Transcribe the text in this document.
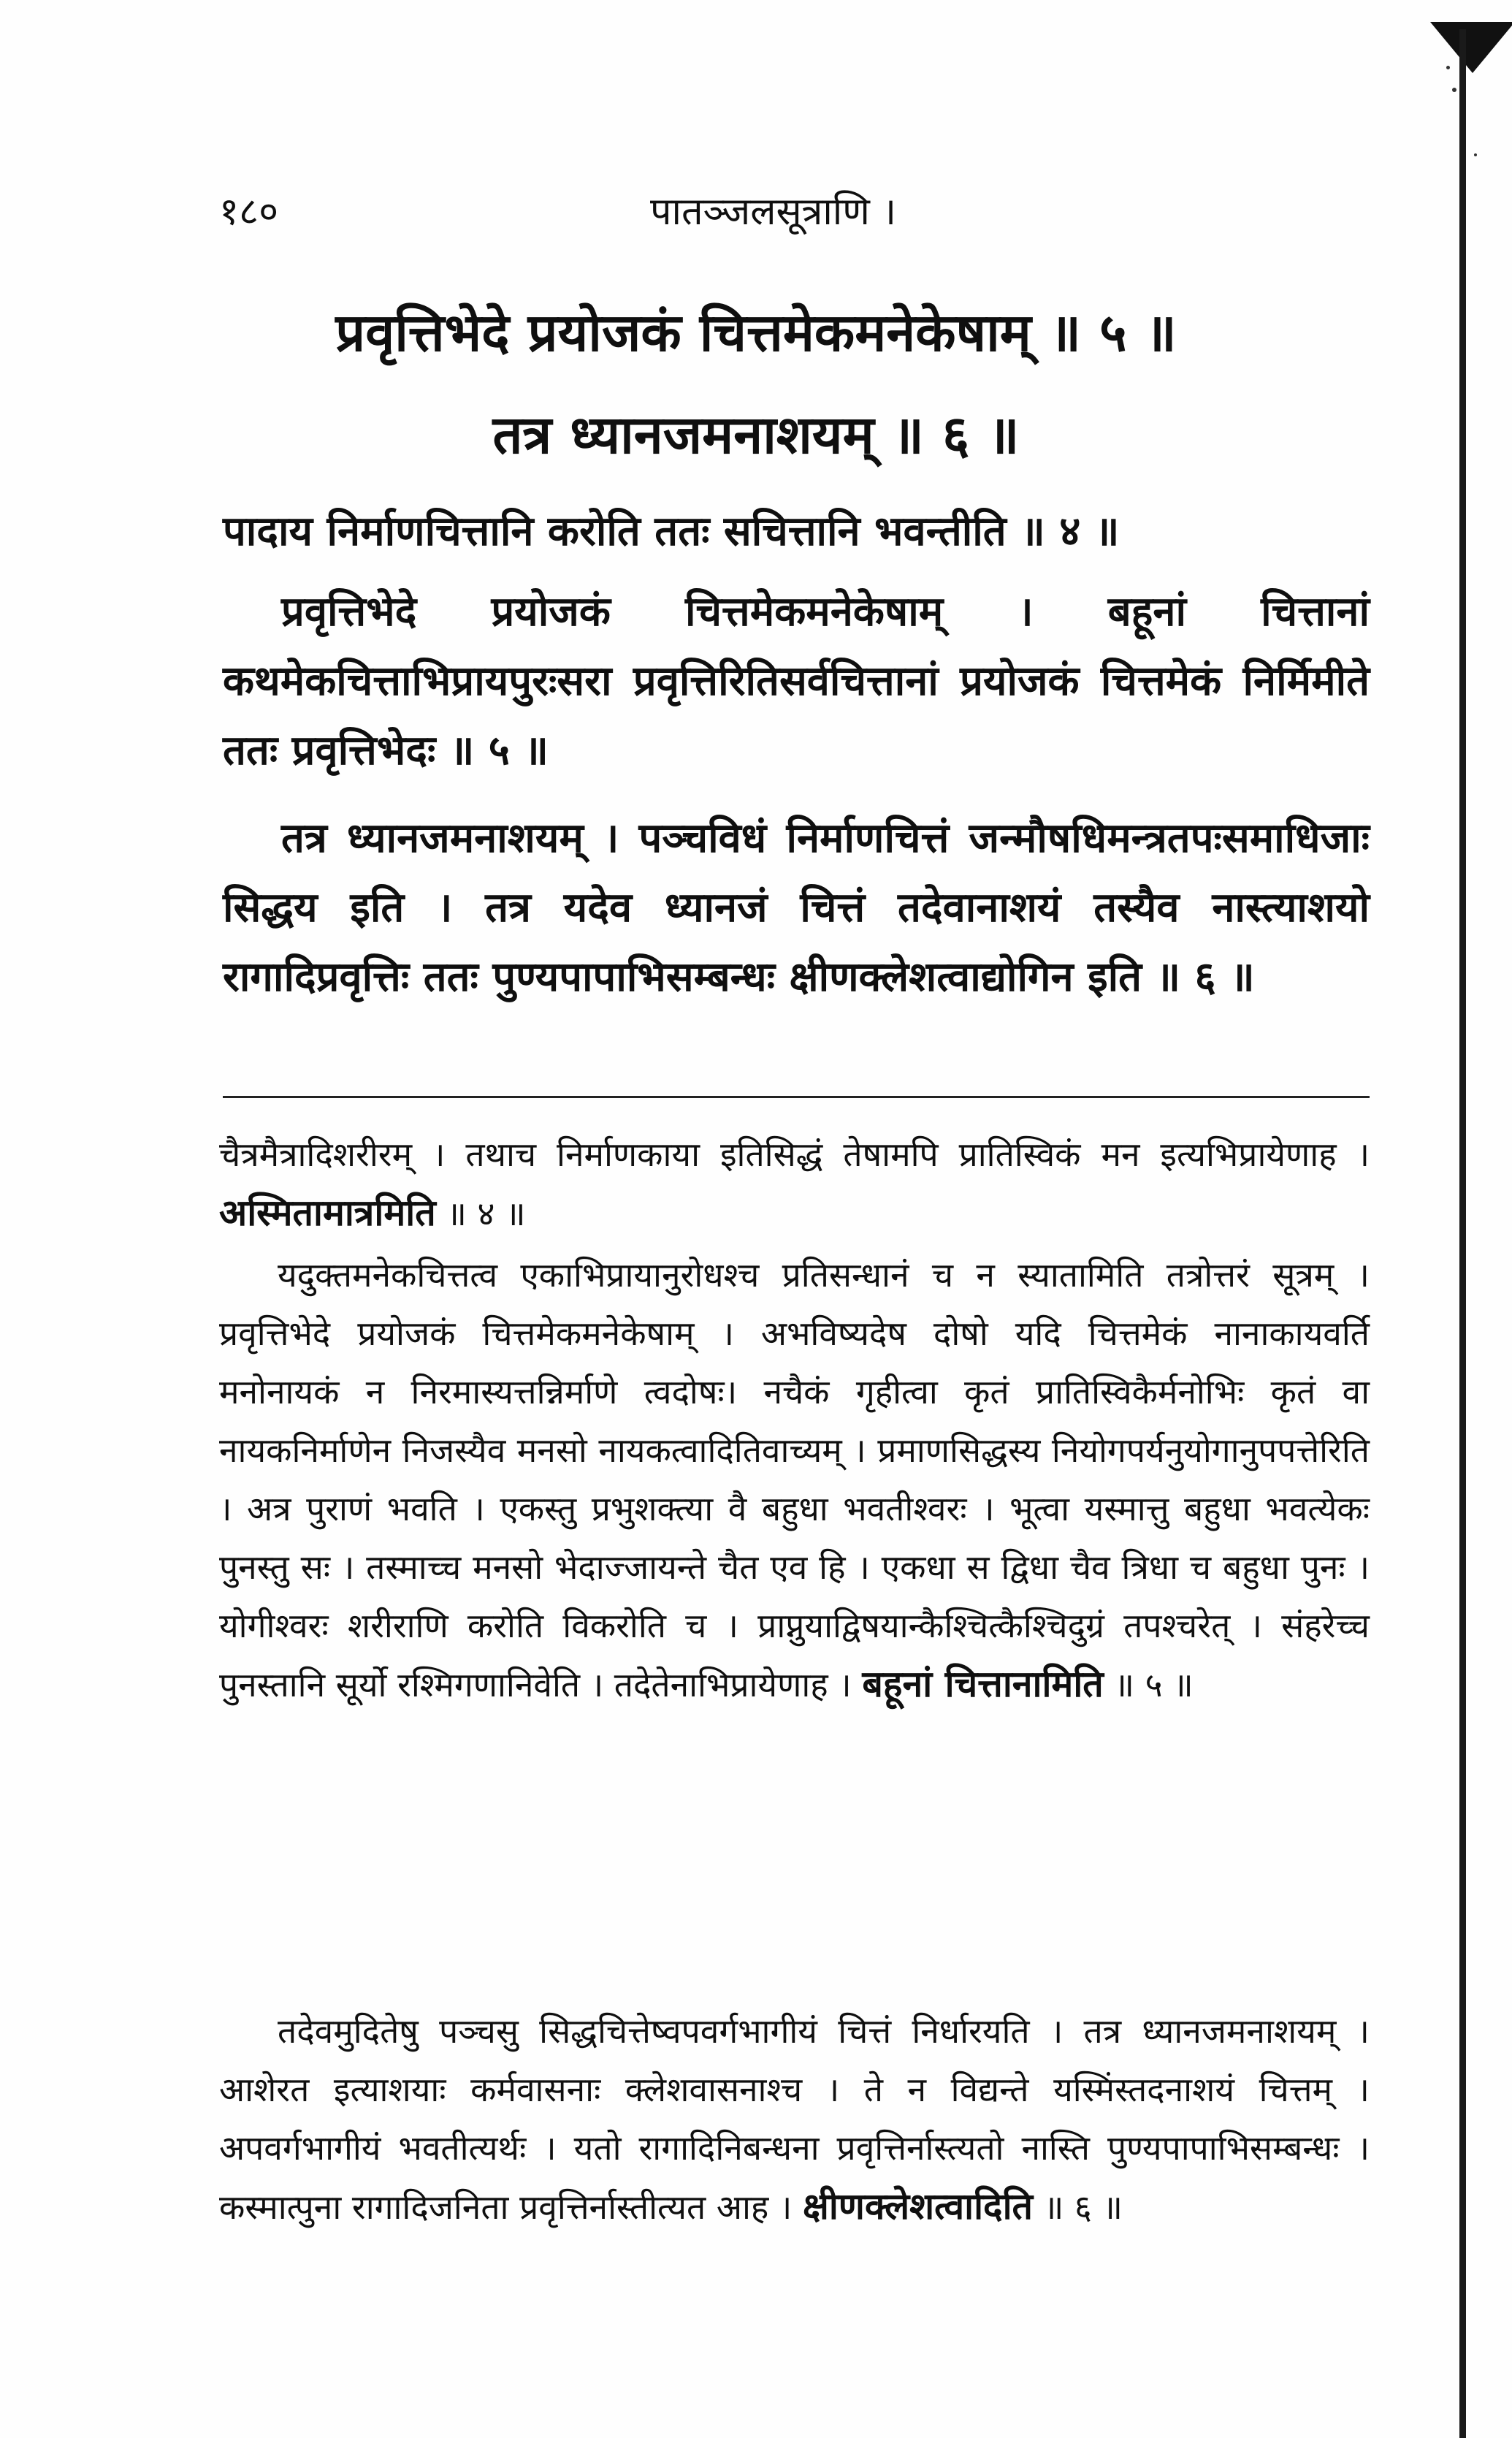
१८०	पातञ्जलसूत्राणि ।
प्रवृत्तिभेदे प्रयोजकं चित्तमेकमनेकेषाम् ॥ ५ ॥
तत्र ध्यानजमनाशयम् ॥ ६ ॥

पादाय निर्माणचित्तानि करोति ततः सचित्तानि भवन्तीति ॥ ४ ॥

प्रवृत्तिभेदे प्रयोजकं चित्तमेकमनेकेषाम् । बहूनां चित्तानां कथमेकचित्ताभिप्रायपुरःसरा प्रवृत्तिरितिसर्वचित्तानां प्रयोजकं चित्तमेकं निर्मिमीते ततः प्रवृत्तिभेदः ॥ ५ ॥

तत्र ध्यानजमनाशयम् । पञ्चविधं निर्माणचित्तं जन्मौषधिमन्त्रतपःसमाधिजाः सिद्धय इति । तत्र यदेव ध्यानजं चित्तं तदेवानाशयं तस्यैव नास्त्याशयो रागादिप्रवृत्तिः ततः पुण्यपापाभिसम्बन्धः क्षीणक्लेशत्वाद्योगिन इति ॥ ६ ॥

चैत्रमैत्रादिशरीरम् । तथाच निर्माणकाया इतिसिद्धं तेषामपि प्रातिस्विकं मन इत्यभिप्रायेणाह । अस्मितामात्रमिति ॥ ४ ॥

यदुक्तमनेकचित्तत्व एकाभिप्रायानुरोधश्च प्रतिसन्धानं च न स्यातामिति तत्रोत्तरं सूत्रम् । प्रवृत्तिभेदे प्रयोजकं चित्तमेकमनेकेषाम् । अभविष्यदेष दोषो यदि चित्तमेकं नानाकायवर्ति मनोनायकं न निरमास्यत्तन्निर्माणे त्वदोषः। नचैकं गृहीत्वा कृतं प्रातिस्विकैर्मनोभिः कृतं वा नायकनिर्माणेन निजस्यैव मनसो नायकत्वादितिवाच्यम् । प्रमाणसिद्धस्य नियोगपर्यनुयोगानुपपत्तेरिति । अत्र पुराणं भवति । एकस्तु प्रभुशक्त्या वै बहुधा भवतीश्वरः । भूत्वा यस्मात्तु बहुधा भवत्येकः पुनस्तु सः । तस्माच्च मनसो भेदाज्जायन्ते चैत एव हि । एकधा स द्विधा चैव त्रिधा च बहुधा पुनः । योगीश्वरः शरीराणि करोति विकरोति च । प्राप्नुयाद्विषयान्कैश्चित्कैश्चिदुग्रं तपश्चरेत् । संहरेच्च पुनस्तानि सूर्यो रश्मिगणानिवेति । तदेतेनाभिप्रायेणाह । बहूनां चित्तानामिति ॥ ५ ॥

तदेवमुदितेषु पञ्चसु सिद्धचित्तेष्वपवर्गभागीयं चित्तं निर्धारयति । तत्र ध्यानजमनाशयम् । आशेरत इत्याशयाः कर्मवासनाः क्लेशवासनाश्च । ते न विद्यन्ते यस्मिंस्तदनाशयं चित्तम् । अपवर्गभागीयं भवतीत्यर्थः । यतो रागादिनिबन्धना प्रवृत्तिर्नास्त्यतो नास्ति पुण्यपापाभिसम्बन्धः । कस्मात्पुना रागादिजनिता प्रवृत्तिर्नास्तीत्यत आह । क्षीणक्लेशत्वादिति ॥ ६ ॥
